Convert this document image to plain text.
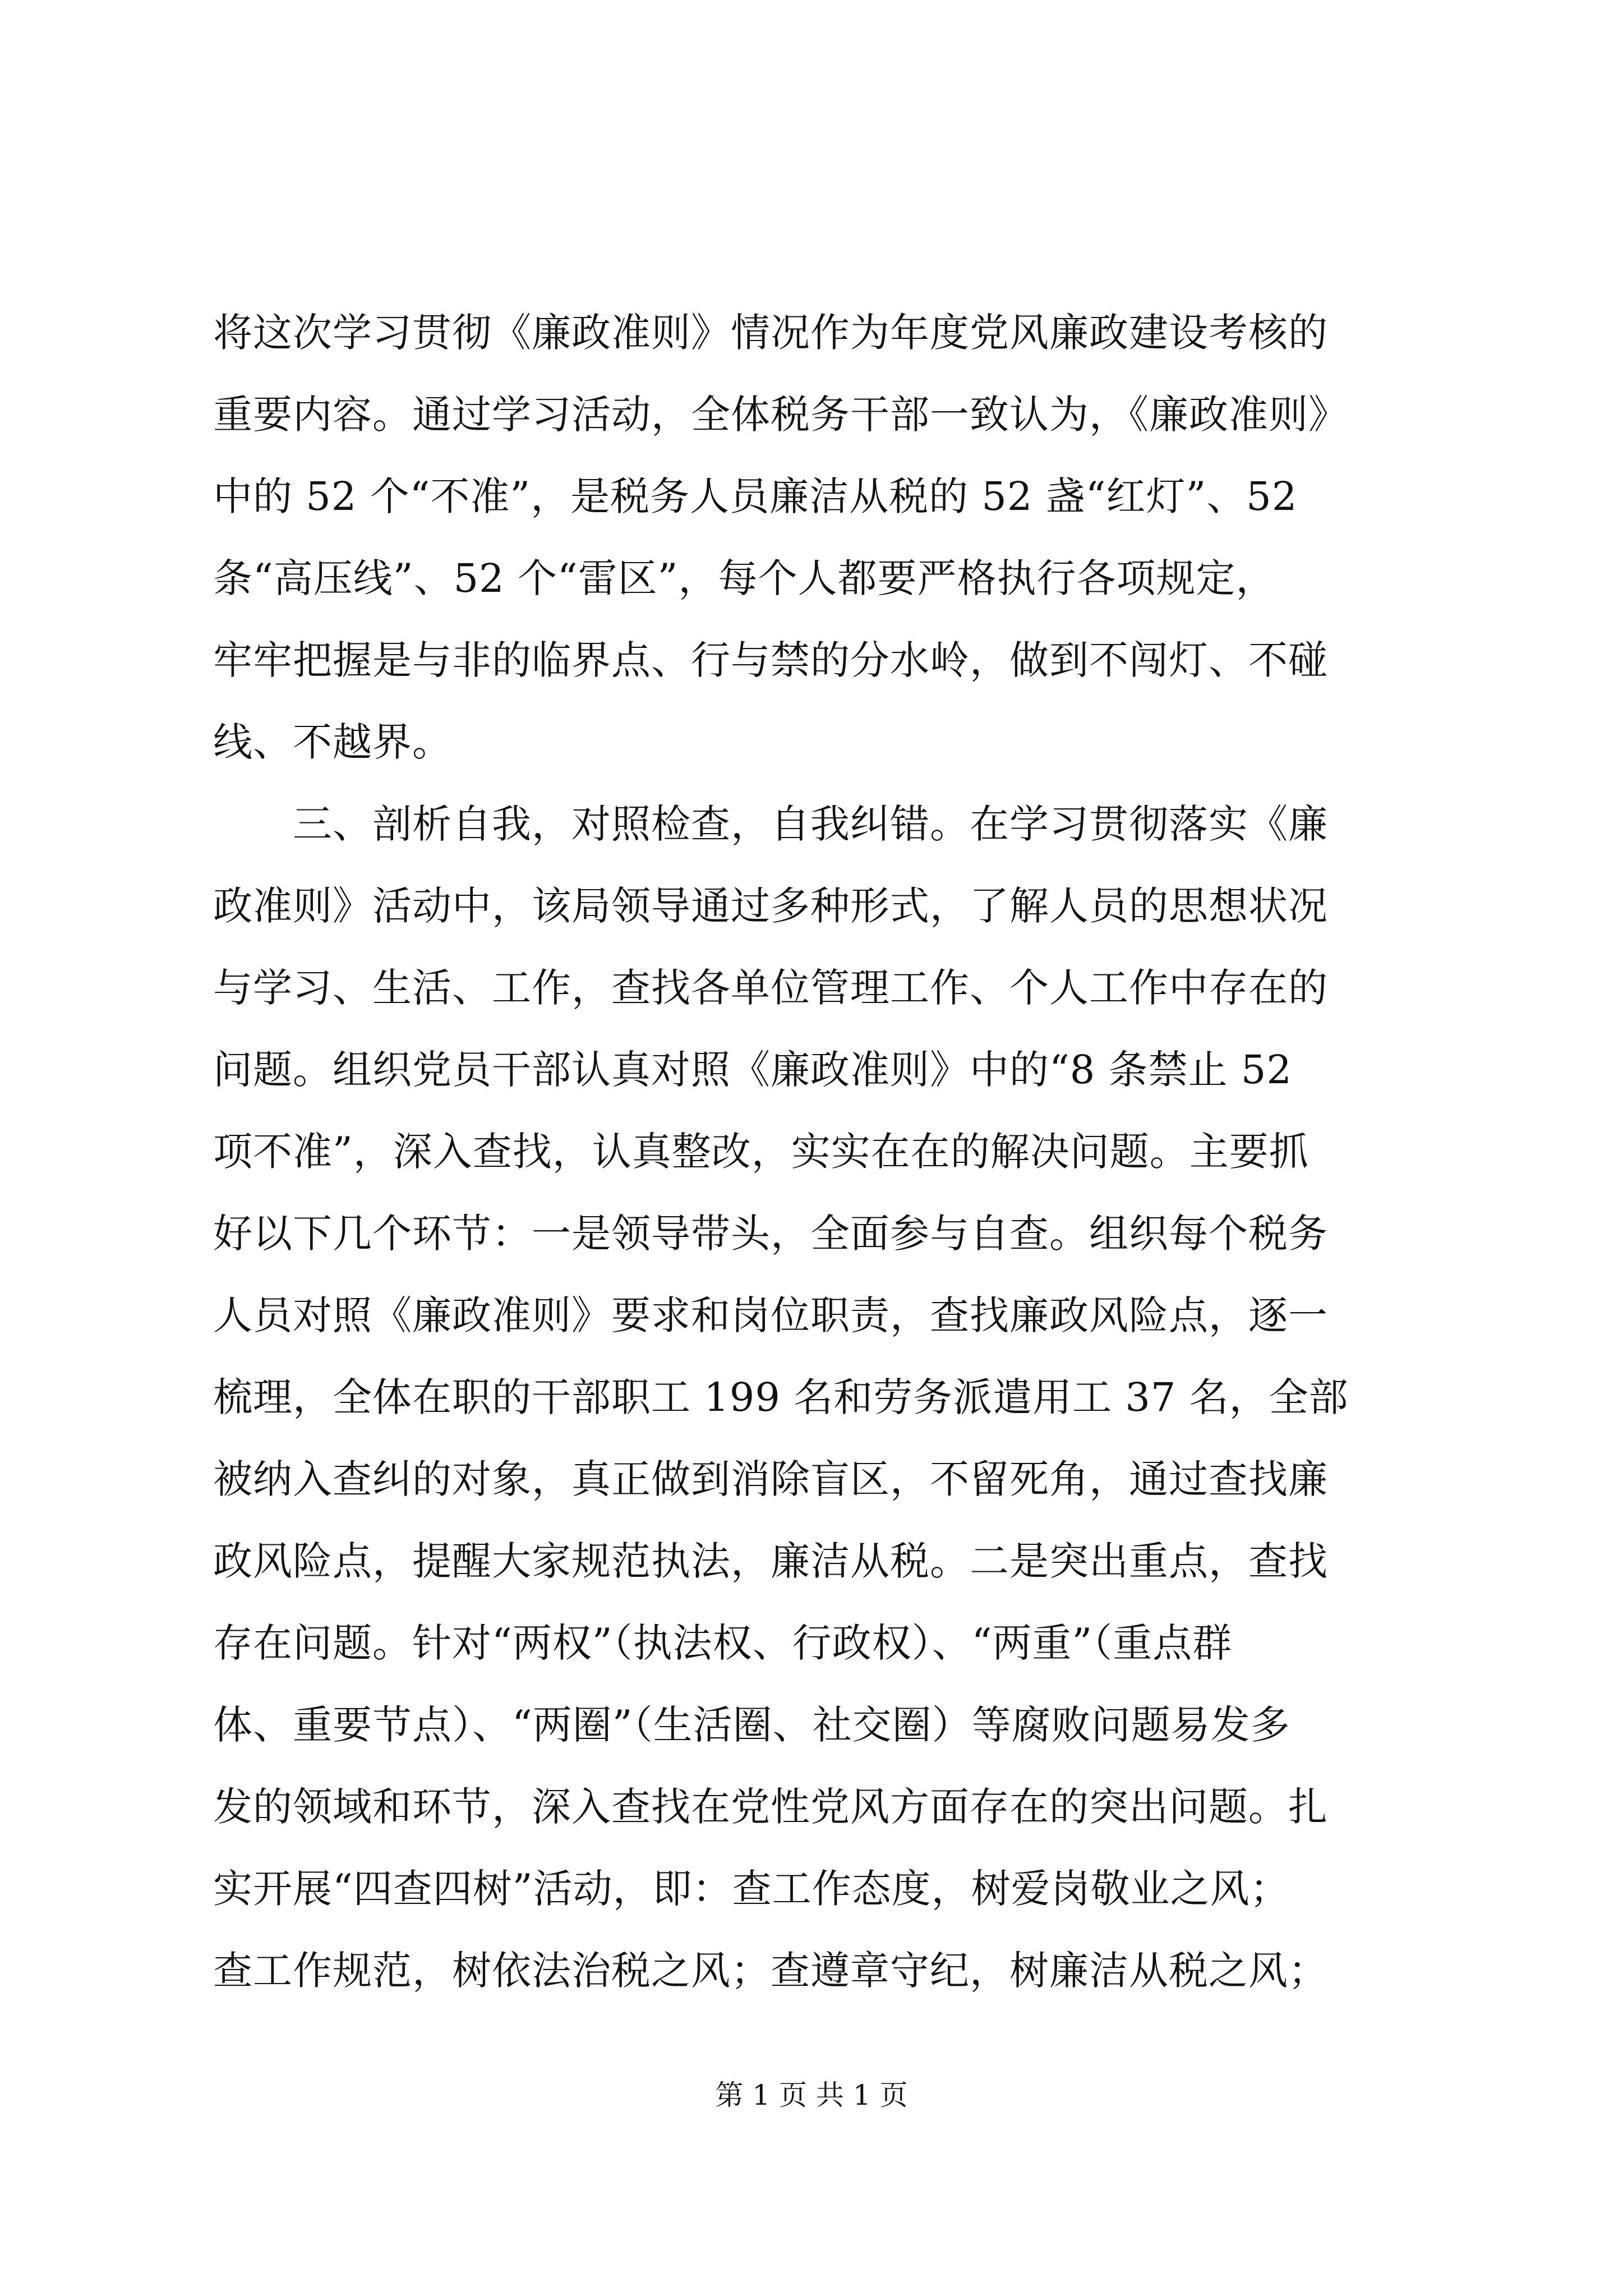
将这次学习贯彻《廉政准则》情况作为年度党风廉政建设考核的
重要内容。通过学习活动，全体税务干部一致认为，《廉政准则》
中的 52 个“不准”，是税务人员廉洁从税的 52 盏“红灯”、52
条“高压线”、52 个“雷区”，每个人都要严格执行各项规定，
牢牢把握是与非的临界点、行与禁的分水岭，做到不闯灯、不碰
线、不越界。
　　三、剖析自我，对照检查，自我纠错。在学习贯彻落实《廉
政准则》活动中，该局领导通过多种形式，了解人员的思想状况
与学习、生活、工作，查找各单位管理工作、个人工作中存在的
问题。组织党员干部认真对照《廉政准则》中的“8 条禁止 52
项不准”，深入查找，认真整改，实实在在的解决问题。主要抓
好以下几个环节：一是领导带头，全面参与自查。组织每个税务
人员对照《廉政准则》要求和岗位职责，查找廉政风险点，逐一
梳理，全体在职的干部职工 199 名和劳务派遣用工 37 名，全部
被纳入查纠的对象，真正做到消除盲区，不留死角，通过查找廉
政风险点，提醒大家规范执法，廉洁从税。二是突出重点，查找
存在问题。针对“两权”（执法权、行政权）、“两重”（重点群
体、重要节点）、“两圈”（生活圈、社交圈）等腐败问题易发多
发的领域和环节，深入查找在党性党风方面存在的突出问题。扎
实开展“四查四树”活动，即：查工作态度，树爱岗敬业之风；
查工作规范，树依法治税之风；查遵章守纪，树廉洁从税之风；
第 1 页 共 1 页
